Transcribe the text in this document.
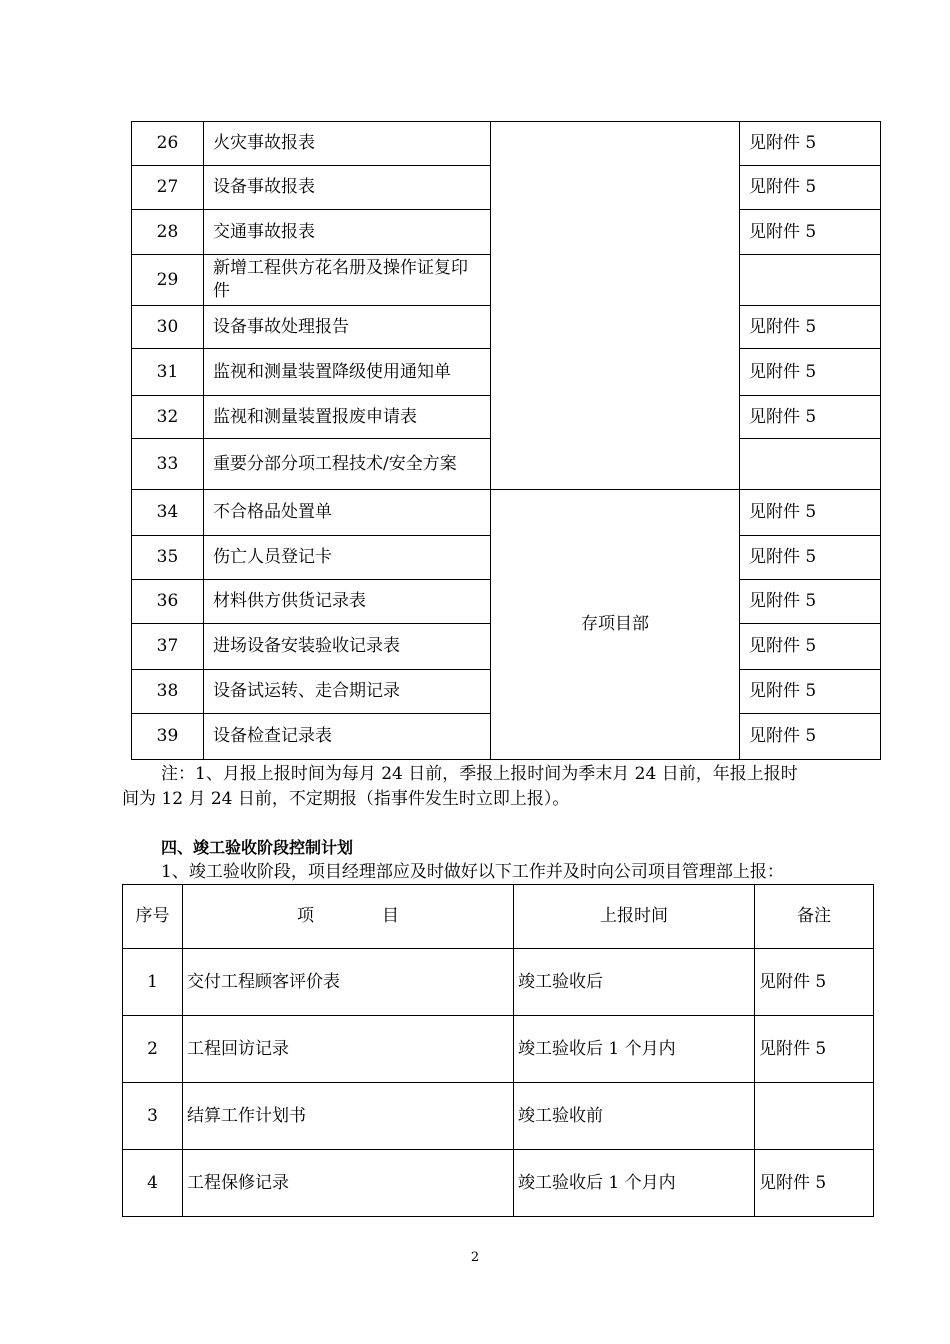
26	火灾事故报表		见附件 5
27	设备事故报表		见附件 5
28	交通事故报表		见附件 5
29	新增工程供方花名册及操作证复印件		
30	设备事故处理报告		见附件 5
31	监视和测量装置降级使用通知单		见附件 5
32	监视和测量装置报废申请表		见附件 5
33	重要分部分项工程技术/安全方案		
34	不合格品处置单	存项目部	见附件 5
35	伤亡人员登记卡		见附件 5
36	材料供方供货记录表		见附件 5
37	进场设备安装验收记录表		见附件 5
38	设备试运转、走合期记录		见附件 5
39	设备检查记录表		见附件 5
注：1、月报上报时间为每月 24 日前，季报上报时间为季末月 24 日前，年报上报时
间为 12 月 24 日前，不定期报（指事件发生时立即上报）。
四、竣工验收阶段控制计划
1、竣工验收阶段，项目经理部应及时做好以下工作并及时向公司项目管理部上报：
序号	项　　　　目	上报时间	备注
1	交付工程顾客评价表	竣工验收后	见附件 5
2	工程回访记录	竣工验收后 1 个月内	见附件 5
3	结算工作计划书	竣工验收前	
4	工程保修记录	竣工验收后 1 个月内	见附件 5
2
